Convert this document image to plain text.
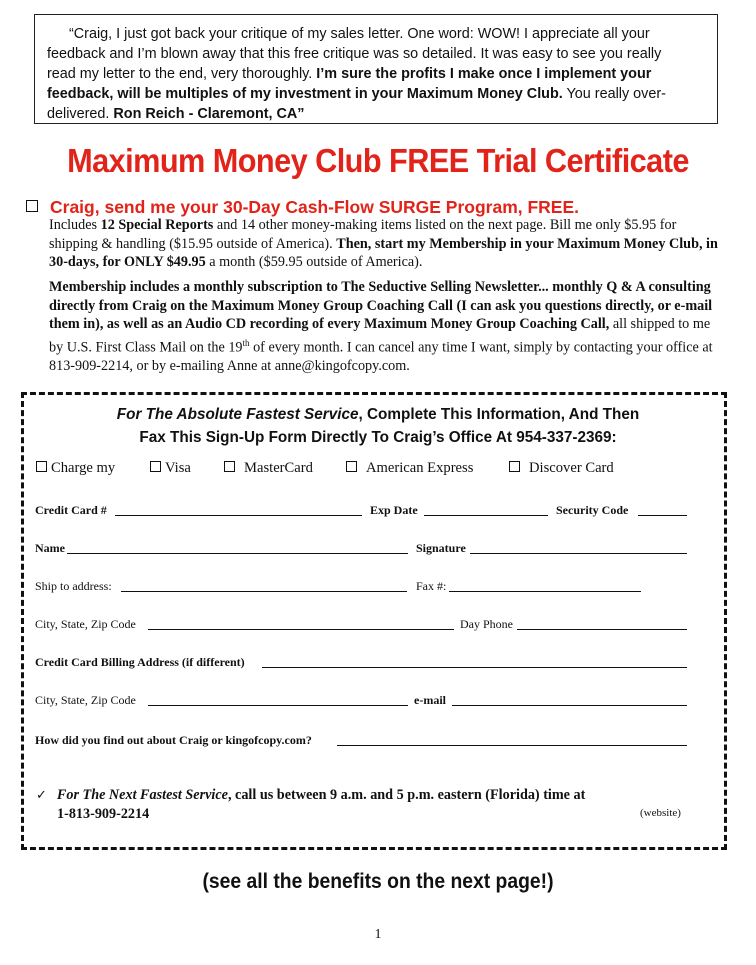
“Craig, I just got back your critique of my sales letter. One word: WOW! I appreciate all your
feedback and I’m blown away that this free critique was so detailed. It was easy to see you really
read my letter to the end, very thoroughly. I’m sure the profits I make once I implement your
feedback, will be multiples of my investment in your Maximum Money Club. You really over-
delivered. Ron Reich - Claremont, CA”
Maximum Money Club FREE Trial Certificate
Craig, send me your 30-Day Cash-Flow SURGE Program, FREE.
Includes 12 Special Reports and 14 other money-making items listed on the next page. Bill me only $5.95 for shipping & handling ($15.95 outside of America). Then, start my Membership in your Maximum Money Club, in 30-days, for ONLY $49.95 a month ($59.95 outside of America).
Membership includes a monthly subscription to The Seductive Selling Newsletter... monthly Q & A consulting directly from Craig on the Maximum Money Group Coaching Call (I can ask you questions directly, or e-mail them in), as well as an Audio CD recording of every Maximum Money Group Coaching Call, all shipped to me by U.S. First Class Mail on the 19th of every month. I can cancel any time I want, simply by contacting your office at 813-909-2214, or by e-mailing Anne at anne@kingofcopy.com.
For The Absolute Fastest Service, Complete This Information, And Then
Fax This Sign-Up Form Directly To Craig’s Office At 954-337-2369:
Charge my	Visa	MasterCard	American Express	Discover Card
Credit Card #	Exp Date	Security Code
Name	Signature
Ship to address:	Fax #:
City, State, Zip Code	Day Phone
Credit Card Billing Address (if different)
City, State, Zip Code	e-mail
How did you find out about Craig or kingofcopy.com?
✓ For The Next Fastest Service, call us between 9 a.m. and 5 p.m. eastern (Florida) time at
1-813-909-2214	(website)
(see all the benefits on the next page!)
1
